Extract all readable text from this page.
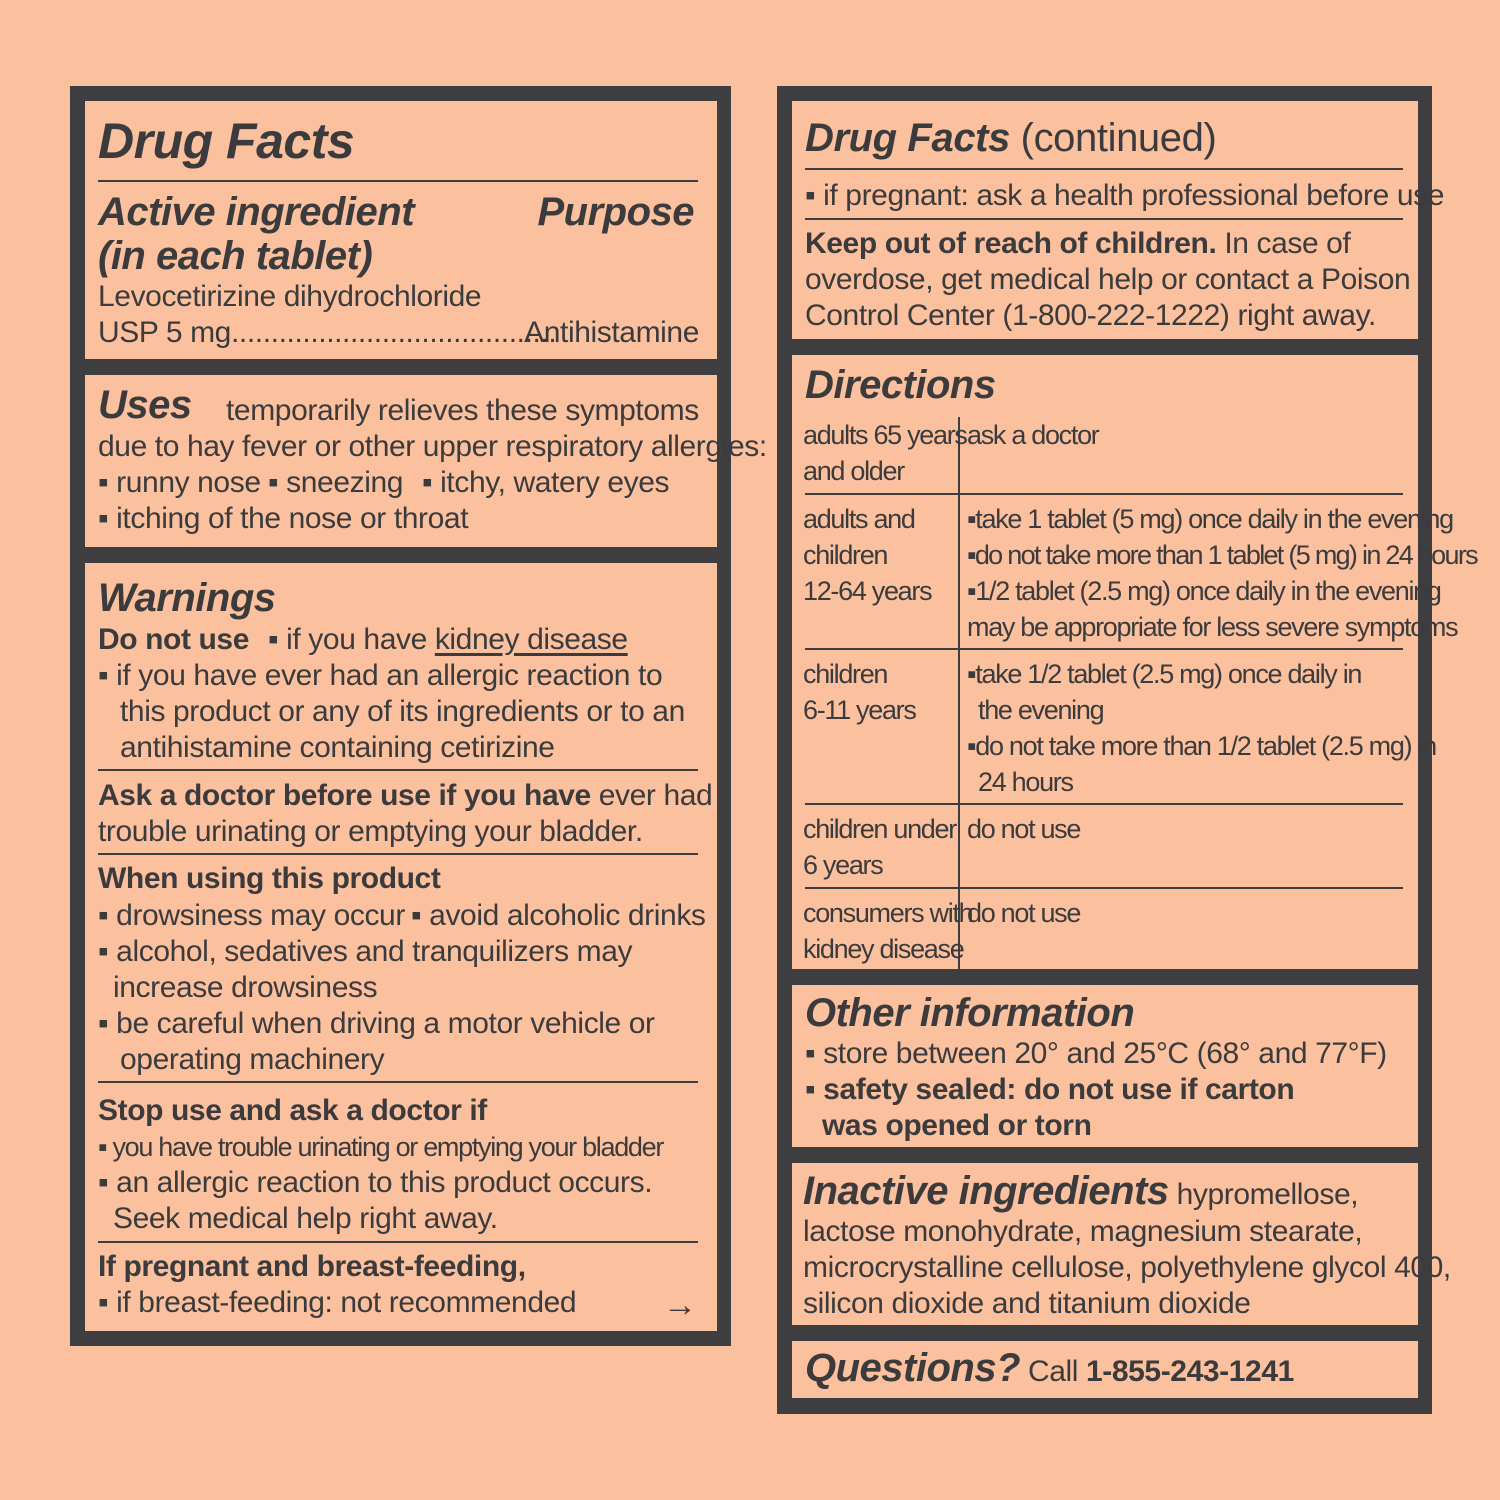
Drug Facts
Active ingredient
(in each tablet)
Purpose
Levocetirizine dihydrochloride
USP 5 mg.........................................
Antihistamine
Uses temporarily relieves these symptoms
due to hay fever or other upper respiratory allergies:
▪ runny nose ▪ sneezing ▪ itchy, watery eyes
▪ itching of the nose or throat
Warnings
Do not use ▪ if you have kidney disease
▪ if you have ever had an allergic reaction to
this product or any of its ingredients or to an
antihistamine containing cetirizine
Ask a doctor before use if you have ever had
trouble urinating or emptying your bladder.
When using this product
▪ drowsiness may occur ▪ avoid alcoholic drinks
▪ alcohol, sedatives and tranquilizers may
increase drowsiness
▪ be careful when driving a motor vehicle or
operating machinery
Stop use and ask a doctor if
▪ you have trouble urinating or emptying your bladder
▪ an allergic reaction to this product occurs.
Seek medical help right away.
If pregnant and breast-feeding,
▪ if breast-feeding: not recommended	→
Drug Facts (continued)
▪ if pregnant: ask a health professional before use
Keep out of reach of children. In case of
overdose, get medical help or contact a Poison
Control Center (1-800-222-1222) right away.
Directions
adults 65 years
and older
ask a doctor
adults and
children
12-64 years
▪take 1 tablet (5 mg) once daily in the evening
▪do not take more than 1 tablet (5 mg) in 24 hours
▪1/2 tablet (2.5 mg) once daily in the evening
may be appropriate for less severe symptoms
children
6-11 years
▪take 1/2 tablet (2.5 mg) once daily in
the evening
▪do not take more than 1/2 tablet (2.5 mg) in
24 hours
children under
6 years
do not use
consumers with
kidney disease
do not use
Other information
▪ store between 20° and 25°C (68° and 77°F)
▪ safety sealed: do not use if carton
was opened or torn
Inactive ingredients hypromellose,
lactose monohydrate, magnesium stearate,
microcrystalline cellulose, polyethylene glycol 400,
silicon dioxide and titanium dioxide
Questions? Call 1-855-243-1241
